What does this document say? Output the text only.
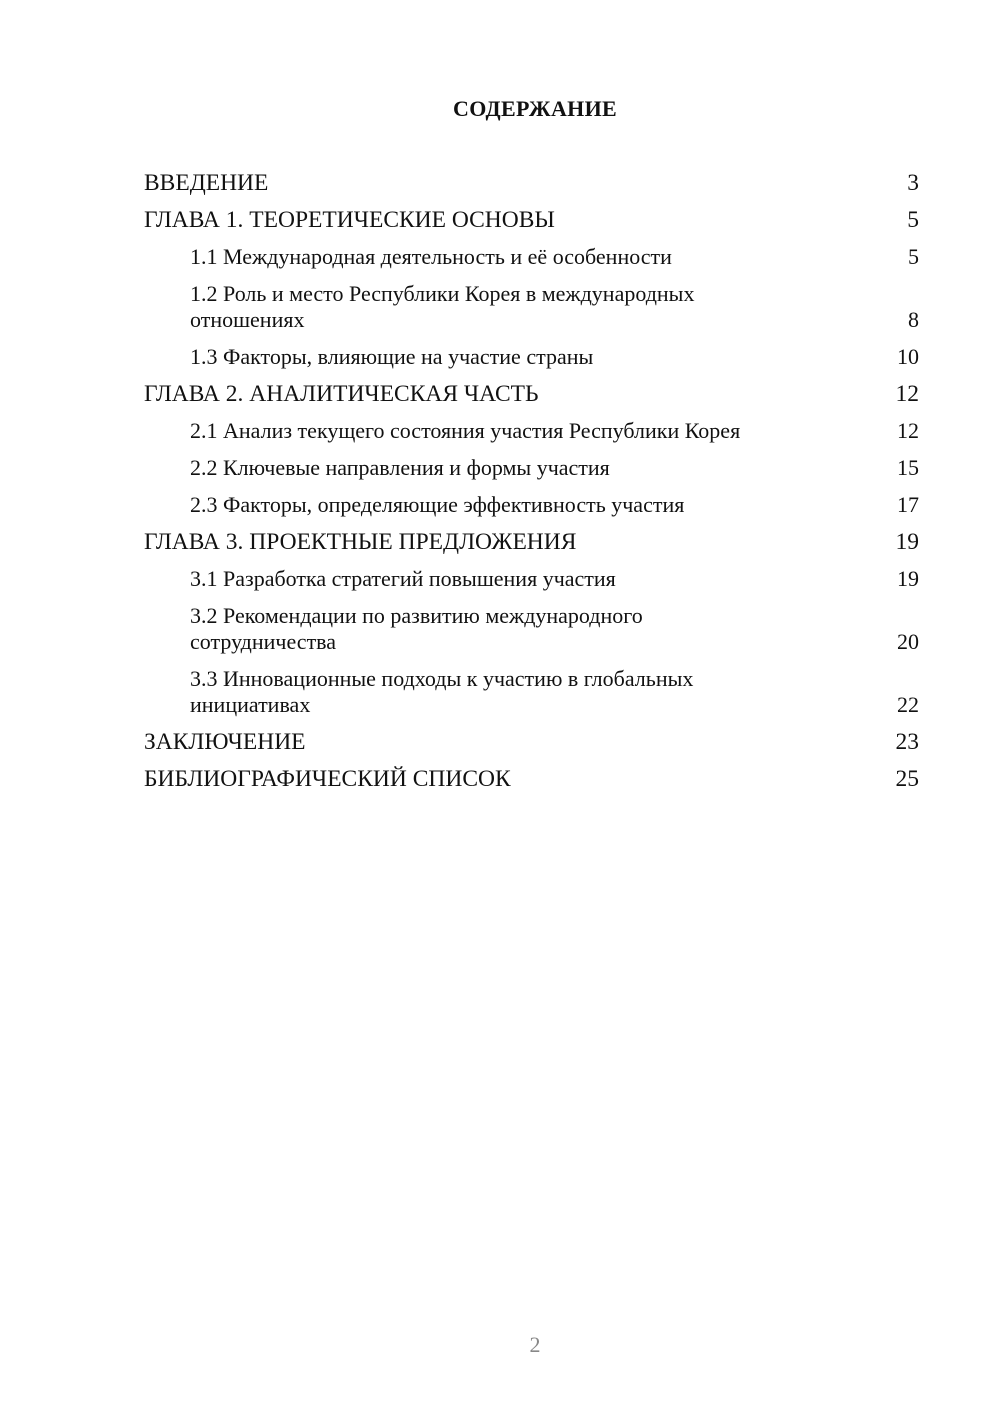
СОДЕРЖАНИЕ
ВВЕДЕНИЕ	3
ГЛАВА 1. ТЕОРЕТИЧЕСКИЕ ОСНОВЫ	5
1.1 Международная деятельность и её особенности	5
1.2 Роль и место Республики Корея в международных отношениях	8
1.3 Факторы, влияющие на участие страны	10
ГЛАВА 2. АНАЛИТИЧЕСКАЯ ЧАСТЬ	12
2.1 Анализ текущего состояния участия Республики Корея	12
2.2 Ключевые направления и формы участия	15
2.3 Факторы, определяющие эффективность участия	17
ГЛАВА 3. ПРОЕКТНЫЕ ПРЕДЛОЖЕНИЯ	19
3.1 Разработка стратегий повышения участия	19
3.2 Рекомендации по развитию международного сотрудничества	20
3.3 Инновационные подходы к участию в глобальных инициативах	22
ЗАКЛЮЧЕНИЕ	23
БИБЛИОГРАФИЧЕСКИЙ СПИСОК	25
2
